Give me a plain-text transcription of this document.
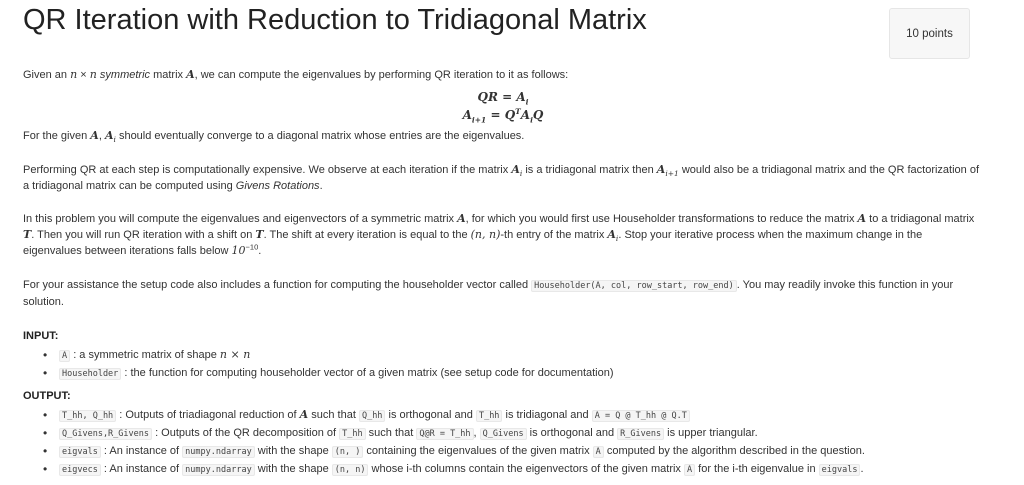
QR Iteration with Reduction to Tridiagonal Matrix	10 points

Given an n × n symmetric matrix A, we can compute the eigenvalues by performing QR iteration to it as follows:

QR = $A_i$
$A_{i+1} = Q^TA_iQ$

For the given A, $A_i$ should eventually converge to a diagonal matrix whose entries are the eigenvalues.

Performing QR at each step is computationally expensive. We observe at each iteration if the matrix $A_i$ is a tridiagonal matrix then $A_{i+1}$ would also be a tridiagonal matrix and the QR factorization of a tridiagonal matrix can be computed using Givens Rotations.

In this problem you will compute the eigenvalues and eigenvectors of a symmetric matrix A, for which you would first use Householder transformations to reduce the matrix A to a tridiagonal matrix T. Then you will run QR iteration with a shift on T. The shift at every iteration is equal to the (n, n)-th entry of the matrix $A_i$. Stop your iterative process when the maximum change in the eigenvalues between iterations falls below $10^{-10}$.

For your assistance the setup code also includes a function for computing the householder vector called Householder(A, col, row_start, row_end) . You may readily invoke this function in your solution.

INPUT:
• A : a symmetric matrix of shape n × n
• Householder : the function for computing householder vector of a given matrix (see setup code for documentation)
OUTPUT:
• T_hh, Q_hh : Outputs of triadiagonal reduction of A such that Q_hh is orthogonal and T_hh is tridiagonal and A = Q @ T_hh @ Q.T
• Q_Givens,R_Givens : Outputs of the QR decomposition of T_hh such that Q@R = T_hh , Q_Givens is orthogonal and R_Givens is upper triangular.
• eigvals : An instance of numpy.ndarray with the shape (n, ) containing the eigenvalues of the given matrix A computed by the algorithm described in the question.
• eigvecs : An instance of numpy.ndarray with the shape (n, n) whose i-th columns contain the eigenvectors of the given matrix A for the i-th eigenvalue in eigvals .
